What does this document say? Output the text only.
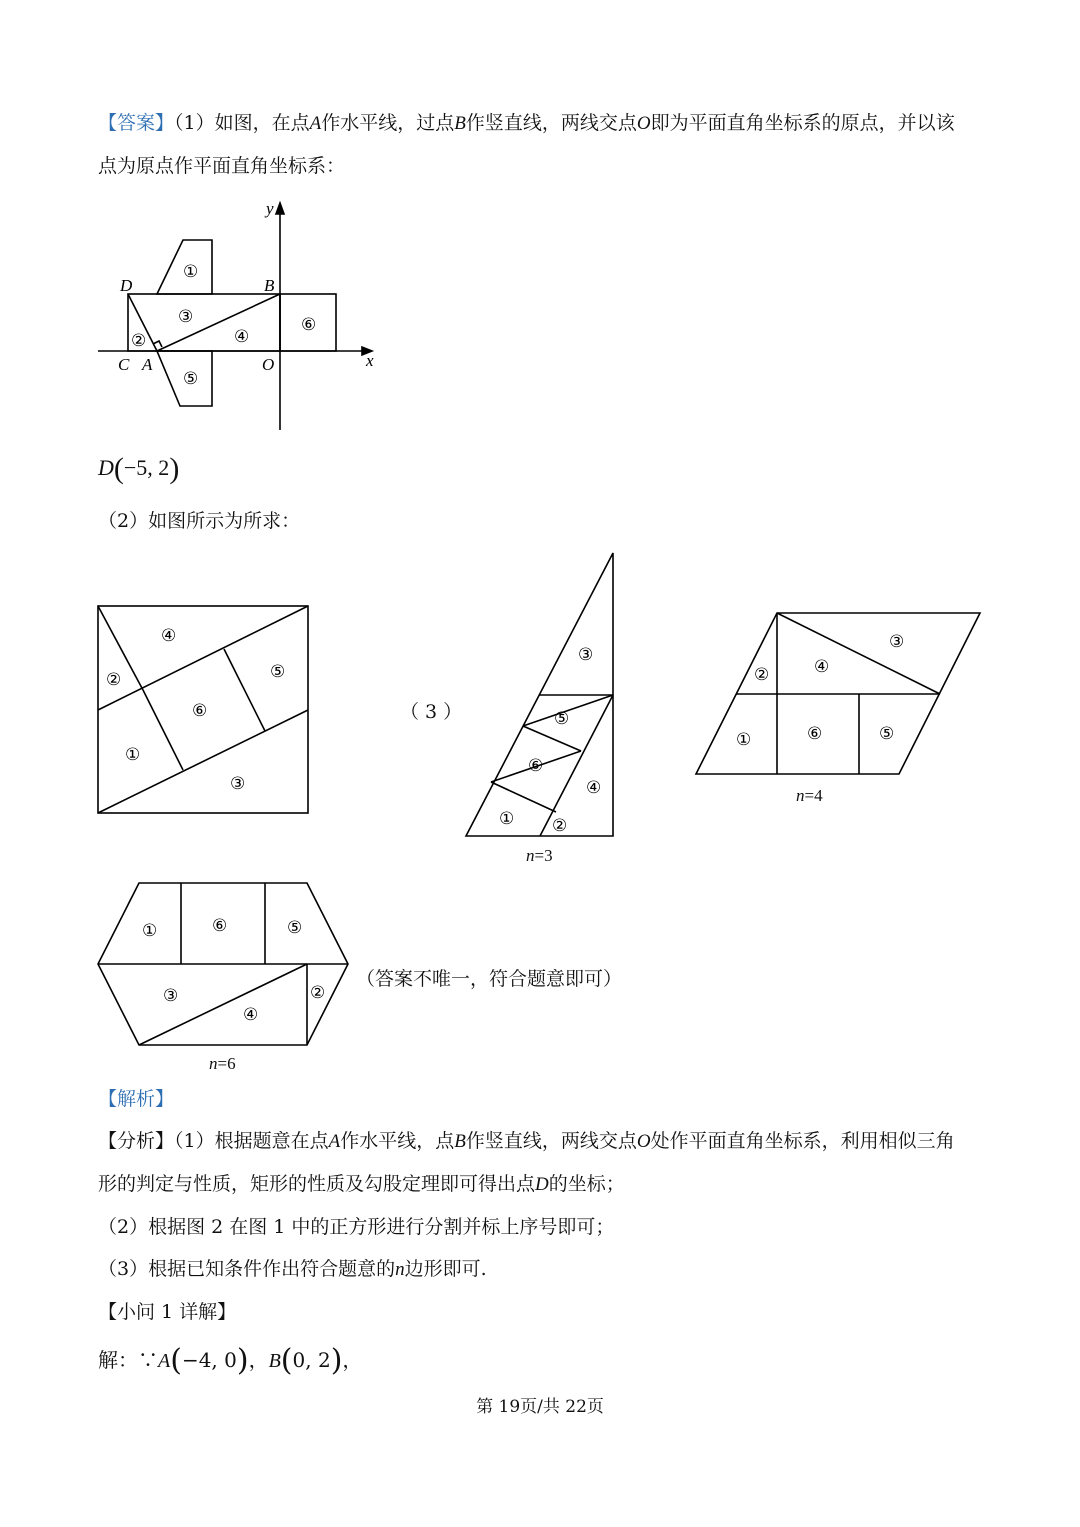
【答案】（1）如图，在点A作水平线，过点B作竖直线，两线交点O即为平面直角坐标系的原点，并以该
点为原点作平面直角坐标系：
y
x
D	B
C A	O
①
②
③
④
⑤
⑥
D(−5, 2)
（2）如图所示为所求：
④
②	⑤
⑥
①
③
（ 3 ）
③
⑤
⑥
④
① ②
n=3
③
④
②
①	⑥	⑤
n=4
①	⑥	⑤
③	②
④
n=6
（答案不唯一，符合题意即可）
【解析】
【分析】（1）根据题意在点A作水平线，点B作竖直线，两线交点O处作平面直角坐标系，利用相似三角
形的判定与性质，矩形的性质及勾股定理即可得出点D的坐标；
（2）根据图 2 在图 1 中的正方形进行分割并标上序号即可；
（3）根据已知条件作出符合题意的n边形即可.
【小问 1 详解】
解：∵A(−4, 0)，B(0, 2)，
第 19页/共 22页
